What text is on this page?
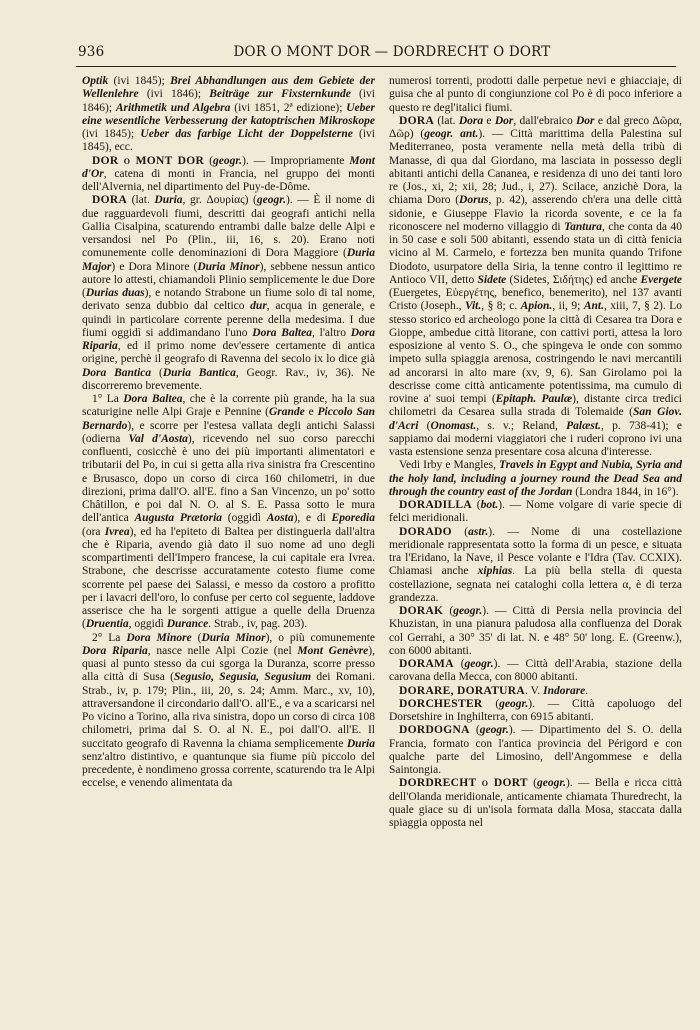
936	DOR O MONT DOR — DORDRECHT O DORT

Optik (ivi 1845); Brei Abhandlungen aus dem Gebiete der Wellenlehre (ivi 1846); Beiträge zur Fixsternkunde (ivi 1846); Arithmetik und Algebra (ivi 1851, 2ª edizione); Ueber eine wesentliche Verbesserung der katoptrischen Mikroskope (ivi 1845); Ueber das farbige Licht der Doppelsterne (ivi 1845), ecc.

DOR o MONT DOR (geogr.). — Impropriamente Mont d'Or, catena di monti in Francia, nel gruppo dei monti dell'Alvernia, nel dipartimento del Puy-de-Dôme.

DORA (lat. Duria, gr. Δουρίας) (geogr.). — È il nome di due ragguardevoli fiumi, descritti dai geografi antichi nella Gallia Cisalpina, scaturendo entrambi dalle balze delle Alpi e versandosi nel Po (Plin., iii, 16, s. 20). Erano noti comunemente colle denominazioni di Dora Maggiore (Duria Major) e Dora Minore (Duria Minor), sebbene nessun antico autore lo attesti, chiamandoli Plinio semplicemente le due Dore (Durias duas), e notando Strabone un fiume solo di tal nome, derivato senza dubbio dal celtico dur, acqua in generale, e quindi in particolare corrente perenne della medesima. I due fiumi oggidì si addimandano l'uno Dora Baltea, l'altro Dora Riparia, ed il primo nome dev'essere certamente di antica origine, perchè il geografo di Ravenna del secolo ix lo dice già Dora Bantica (Duria Bantica, Geogr. Rav., iv, 36). Ne discorreremo brevemente.

1° La Dora Baltea, che è la corrente più grande, ha la sua scaturigine nelle Alpi Graje e Pennine (Grande e Piccolo San Bernardo), e scorre per l'estesa vallata degli antichi Salassi (odierna Val d'Aosta), ricevendo nel suo corso parecchi confluenti, cosicchè è uno dei più importanti alimentatori e tributarii del Po, in cui si getta alla riva sinistra fra Crescentino e Brusasco, dopo un corso di circa 160 chilometri, in due direzioni, prima dall'O. all'E. fino a San Vincenzo, un po' sotto Châtillon, e poi dal N. O. al S. E. Passa sotto le mura dell'antica Augusta Prætoria (oggidì Aosta), e di Eporedia (ora Ivrea), ed ha l'epiteto di Baltea per distinguerla dall'altra che è Riparia, avendo già dato il suo nome ad uno degli scompartimenti dell'Impero francese, la cui capitale era Ivrea. Strabone, che descrisse accuratamente cotesto fiume come scorrente pel paese dei Salassi, e messo da costoro a profitto per i lavacri dell'oro, lo confuse per certo col seguente, laddove asserisce che ha le sorgenti attigue a quelle della Druenza (Druentia, oggidì Durance. Strab., iv, pag. 203).

2° La Dora Minore (Duria Minor), o più comunemente Dora Riparia, nasce nelle Alpi Cozie (nel Mont Genèvre), quasi al punto stesso da cui sgorga la Duranza, scorre presso alla città di Susa (Segusio, Segusia, Segusium dei Romani. Strab., iv, p. 179; Plin., iii, 20, s. 24; Amm. Marc., xv, 10), attraversandone il circondario dall'O. all'E., e va a scaricarsi nel Po vicino a Torino, alla riva sinistra, dopo un corso di circa 108 chilometri, prima dal S. O. al N. E., poi dall'O. all'E. Il succitato geografo di Ravenna la chiama semplicemente Duria senz'altro distintivo, e quantunque sia fiume più piccolo del precedente, è nondimeno grossa corrente, scaturendo tra le Alpi eccelse, e venendo alimentata da

numerosi torrenti, prodotti dalle perpetue nevi e ghiacciaje, di guisa che al punto di congiunzione col Po è di poco inferiore a questo re degl'italici fiumi.

DORA (lat. Dora e Dor, dall'ebraico Dor e dal greco Δῶρα, Δῶρ) (geogr. ant.). — Città marittima della Palestina sul Mediterraneo, posta veramente nella metà della tribù di Manasse, di qua dal Giordano, ma lasciata in possesso degli abitanti antichi della Cananea, e residenza di uno dei tanti loro re (Jos., xi, 2; xii, 28; Jud., i, 27). Scilace, anzichè Dora, la chiama Doro (Dorus, p. 42), asserendo ch'era una delle città sidonie, e Giuseppe Flavio la ricorda sovente, e ce la fa riconoscere nel moderno villaggio di Tantura, che conta da 40 in 50 case e soli 500 abitanti, essendo stata un dì città fenicia vicino al M. Carmelo, e fortezza ben munita quando Trifone Diodoto, usurpatore della Siria, la tenne contro il legittimo re Antioco VII, detto Sidete (Sidetes, Σιδήτης) ed anche Evergete (Euergetes, Εὐεργέτης, benefico, benemerito), nel 137 avanti Cristo (Joseph., Vit., § 8; c. Apion., ii, 9; Ant., xiii, 7, § 2). Lo stesso storico ed archeologo pone la città di Cesarea tra Dora e Gioppe, ambedue città litorane, con cattivi porti, attesa la loro esposizione al vento S. O., che spingeva le onde con sommo impeto sulla spiaggia arenosa, costringendo le navi mercantili ad ancorarsi in alto mare (xv, 9, 6). San Girolamo poi la descrisse come città anticamente potentissima, ma cumulo di rovine a' suoi tempi (Epitaph. Paulæ), distante circa tredici chilometri da Cesarea sulla strada di Tolemaide (San Giov. d'Acri (Onomast., s. v.; Reland, Palæst., p. 738-41); e sappiamo dai moderni viaggiatori che i ruderi coprono ivi una vasta estensione senza presentare cosa alcuna d'interesse.

Vedi Irby e Mangles, Travels in Egypt and Nubia, Syria and the holy land, including a journey round the Dead Sea and through the country east of the Jordan (Londra 1844, in 16°).

DORADILLA (bot.). — Nome volgare di varie specie di felci meridionali.

DORADO (astr.). — Nome di una costellazione meridionale rappresentata sotto la forma di un pesce, e situata tra l'Eridano, la Nave, il Pesce volante e l'Idra (Tav. CCXIX). Chiamasi anche xiphias. La più bella stella di questa costellazione, segnata nei cataloghi colla lettera α, è di terza grandezza.

DORAK (geogr.). — Città di Persia nella provincia del Khuzistan, in una pianura paludosa alla confluenza del Dorak col Gerrahi, a 30° 35' di lat. N. e 48° 50' long. E. (Greenw.), con 6000 abitanti.

DORAMA (geogr.). — Città dell'Arabia, stazione della carovana della Mecca, con 8000 abitanti.

DORARE, DORATURA. V. Indorare.

DORCHESTER (geogr.). — Città capoluogo del Dorsetshire in Inghilterra, con 6915 abitanti.

DORDOGNA (geogr.). — Dipartimento del S. O. della Francia, formato con l'antica provincia del Périgord e con qualche parte del Limosino, dell'Angommese e della Saintongia.

DORDRECHT o DORT (geogr.). — Bella e ricca città dell'Olanda meridionale, anticamente chiamata Thuredrecht, la quale giace su di un'isola formata dalla Mosa, staccata dalla spiaggia opposta nel
